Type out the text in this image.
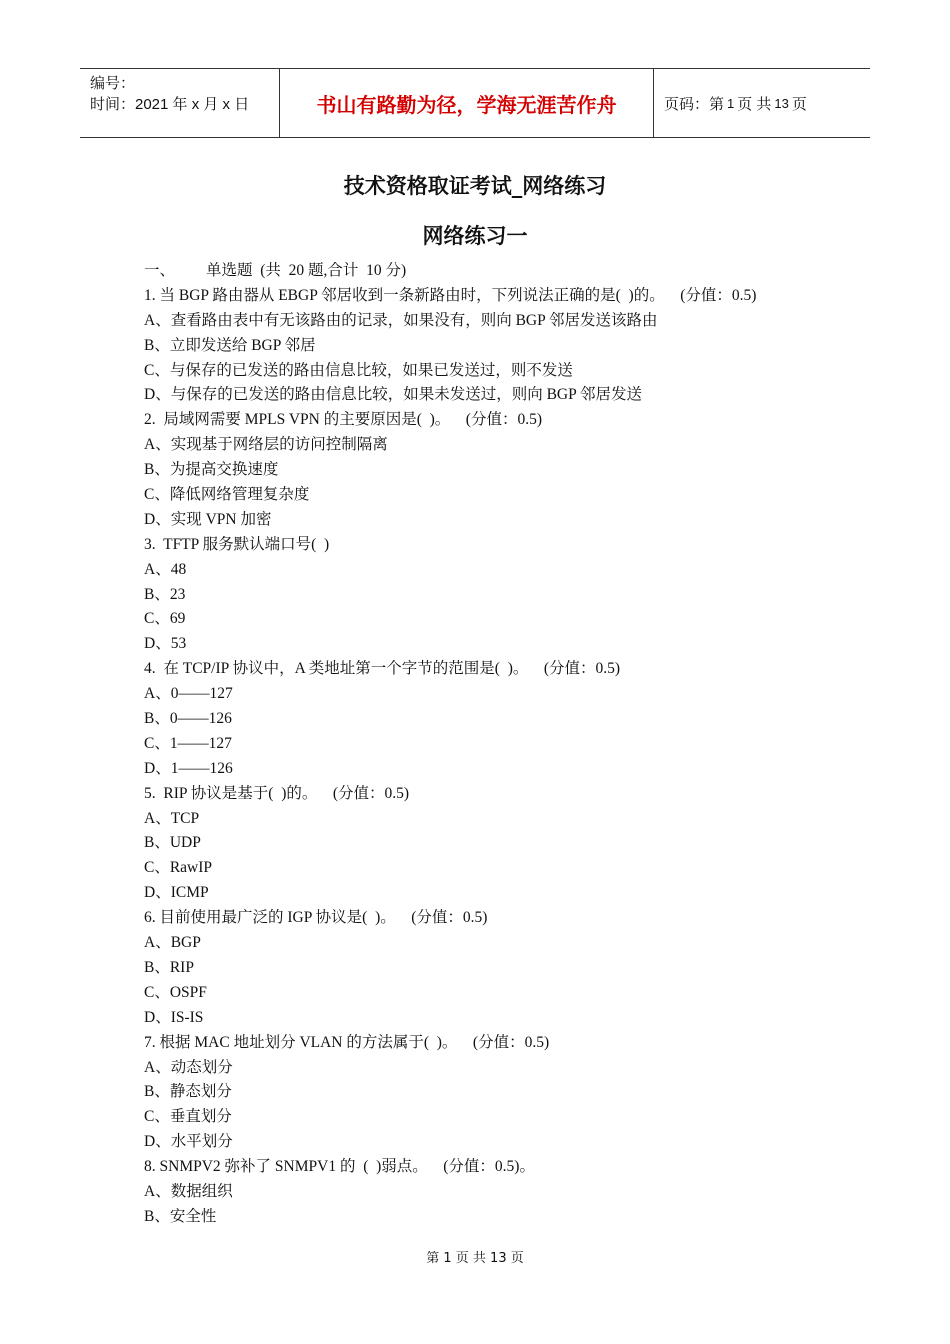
编号：
时间：2021 年 x 月 x 日	书山有路勤为径，学海无涯苦作舟	页码：第 1 页 共 13 页
技术资格取证考试_网络练习
网络练习一
一、        单选题  (共  20 题,合计  10 分)
1. 当 BGP 路由器从 EBGP 邻居收到一条新路由时，下列说法正确的是(  )的。    (分值：0.5)
A、查看路由表中有无该路由的记录，如果没有，则向 BGP 邻居发送该路由
B、立即发送给 BGP 邻居
C、与保存的已发送的路由信息比较，如果已发送过，则不发送
D、与保存的已发送的路由信息比较，如果未发送过，则向 BGP 邻居发送
2.  局域网需要 MPLS VPN 的主要原因是(  )。    (分值：0.5)
A、实现基于网络层的访问控制隔离
B、为提高交换速度
C、降低网络管理复杂度
D、实现 VPN 加密
3.  TFTP 服务默认端口号(  )
A、48
B、23
C、69
D、53
4.  在 TCP/IP 协议中，A 类地址第一个字节的范围是(  )。    (分值：0.5)
A、0——127
B、0——126
C、1——127
D、1——126
5.  RIP 协议是基于(  )的。    (分值：0.5)
A、TCP
B、UDP
C、RawIP
D、ICMP
6. 目前使用最广泛的 IGP 协议是(  )。    (分值：0.5)
A、BGP
B、RIP
C、OSPF
D、IS-IS
7. 根据 MAC 地址划分 VLAN 的方法属于(  )。    (分值：0.5)
A、动态划分
B、静态划分
C、垂直划分
D、水平划分
8. SNMPV2 弥补了 SNMPV1 的  (  )弱点。    (分值：0.5)。
A、数据组织
B、安全性
第 1 页 共 13 页
